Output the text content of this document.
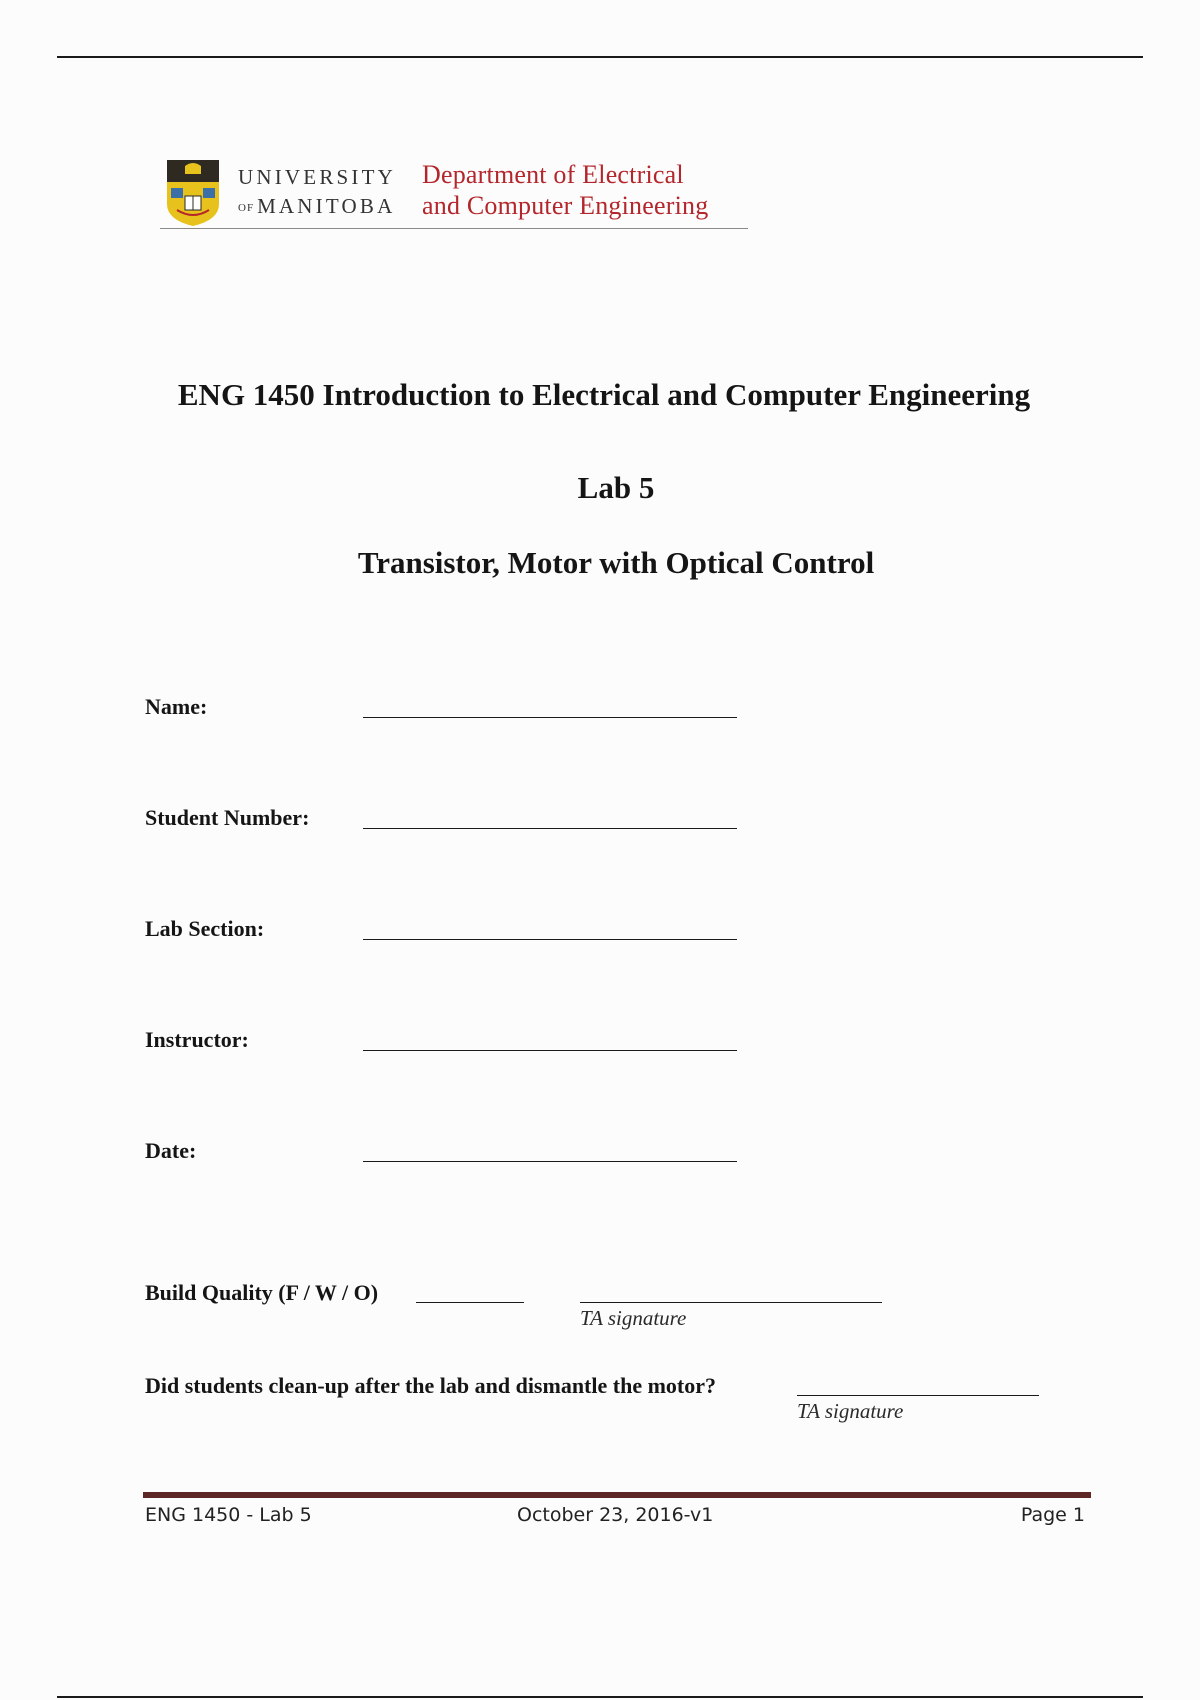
UNIVERSITY
OF MANITOBA
Department of Electrical
and Computer Engineering
ENG 1450 Introduction to Electrical and Computer Engineering
Lab 5
Transistor, Motor with Optical Control
Name:
Student Number:
Lab Section:
Instructor:
Date:
Build Quality (F / W / O)
TA signature
Did students clean-up after the lab and dismantle the motor?
TA signature
ENG 1450 - Lab 5	October 23, 2016-v1	Page 1
